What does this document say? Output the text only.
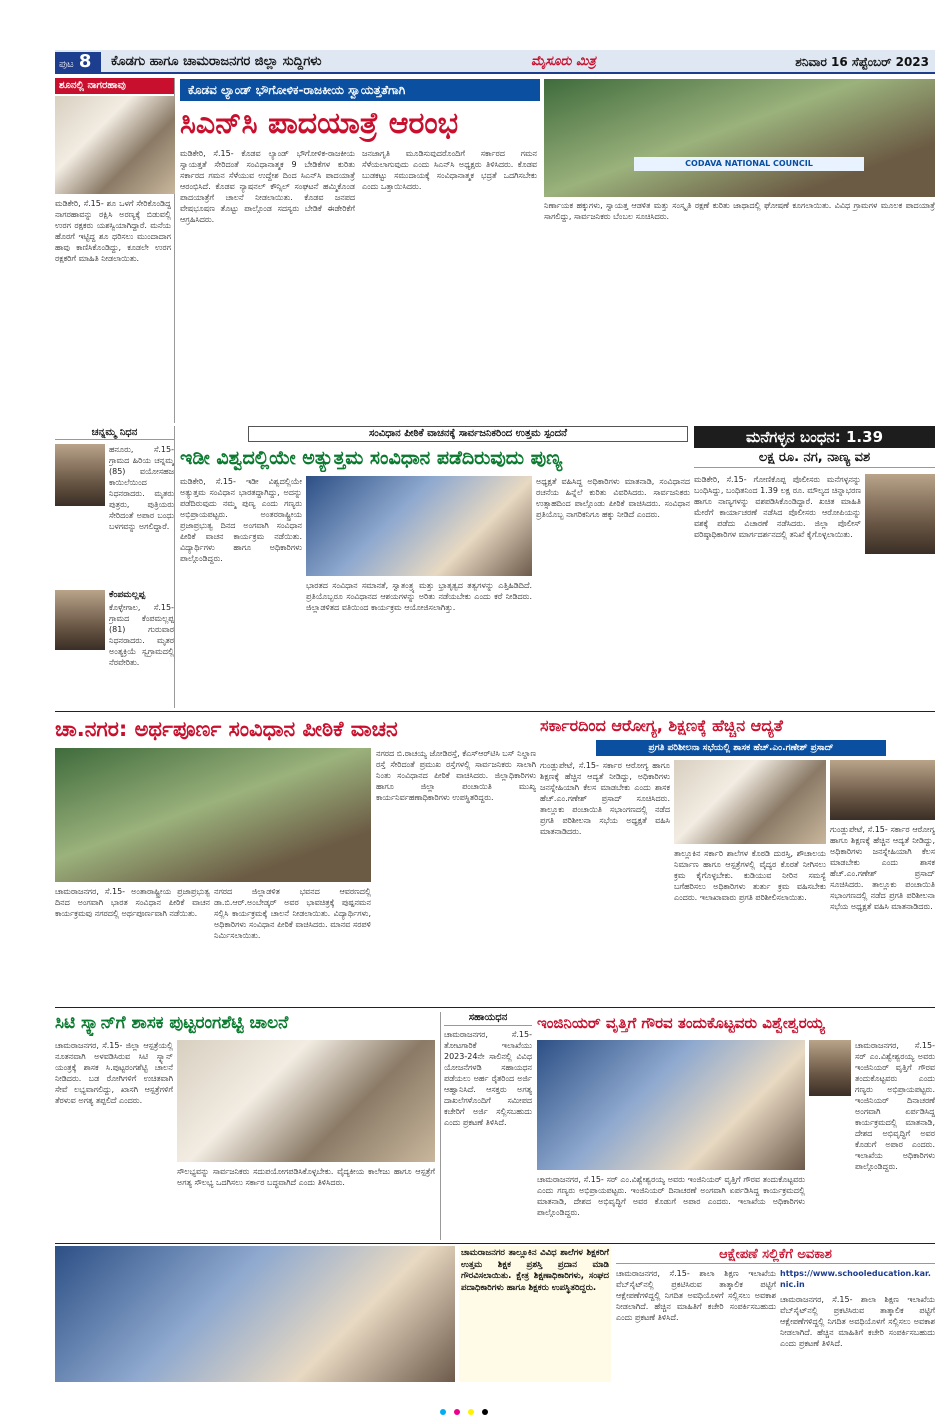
ಪುಟ 8	ಕೊಡಗು ಹಾಗೂ ಚಾಮರಾಜನಗರ ಜಿಲ್ಲಾ ಸುದ್ದಿಗಳು	ಮೈಸೂರು ಮಿತ್ರ	ಶನಿವಾರ 16 ಸೆಪ್ಟೆಂಬರ್ 2023
ಶೂನಲ್ಲಿ ನಾಗರಹಾವು
ಮಡಿಕೇರಿ, ಸೆ.15- ಶೂ ಒಳಗೆ ಸೇರಿಕೊಂಡಿದ್ದ ನಾಗರಹಾವನ್ನು ರಕ್ಷಿಸಿ ಅರಣ್ಯಕ್ಕೆ ಬಿಡುವಲ್ಲಿ ಉರಗ ರಕ್ಷಕರು ಯಶಸ್ವಿಯಾಗಿದ್ದಾರೆ. ಮನೆಯ ಹೊರಗೆ ಇಟ್ಟಿದ್ದ ಶೂ ಧರಿಸಲು ಮುಂದಾದಾಗ ಹಾವು ಕಾಣಿಸಿಕೊಂಡಿದ್ದು, ಕೂಡಲೇ ಉರಗ ರಕ್ಷಕರಿಗೆ ಮಾಹಿತಿ ನೀಡಲಾಯಿತು.
ಕೊಡವ ಲ್ಯಾಂಡ್ ಭೌಗೋಳಿಕ-ರಾಜಕೀಯ ಸ್ವಾಯತ್ತತೆಗಾಗಿ
ಸಿಎನ್‌ಸಿ ಪಾದಯಾತ್ರೆ ಆರಂಭ
ಮಡಿಕೇರಿ, ಸೆ.15- ಕೊಡವ ಲ್ಯಾಂಡ್ ಭೌಗೋಳಿಕ-ರಾಜಕೀಯ ಸ್ವಾಯತ್ತತೆ ಸೇರಿದಂತೆ ಸಂವಿಧಾನಾತ್ಮಕ 9 ಬೇಡಿಕೆಗಳ ಕುರಿತು ಸರ್ಕಾರದ ಗಮನ ಸೆಳೆಯುವ ಉದ್ದೇಶ ದಿಂದ ಸಿಎನ್‌ಸಿ ಪಾದಯಾತ್ರೆ ಆರಂಭಿಸಿದೆ. ಕೊಡವ ನ್ಯಾಷನಲ್ ಕೌನ್ಸಿಲ್ ಸಂಘಟನೆ ಹಮ್ಮಿಕೊಂಡ ಪಾದಯಾತ್ರೆಗೆ ಚಾಲನೆ ನೀಡಲಾಯಿತು. ಕೊಡವ ಜನಪದ ವೇಷಭೂಷಣ ತೊಟ್ಟು ಪಾಲ್ಗೊಂಡ ಸದಸ್ಯರು ಬೇಡಿಕೆ ಈಡೇರಿಕೆಗೆ ಆಗ್ರಹಿಸಿದರು.
ಜನಜಾಗೃತಿ ಮೂಡಿಸುವುದರೊಂದಿಗೆ ಸರ್ಕಾರದ ಗಮನ ಸೆಳೆಯಲಾಗುವುದು ಎಂದು ಸಿಎನ್‌ಸಿ ಅಧ್ಯಕ್ಷರು ತಿಳಿಸಿದರು. ಕೊಡವ ಬುಡಕಟ್ಟು ಸಮುದಾಯಕ್ಕೆ ಸಂವಿಧಾನಾತ್ಮಕ ಭದ್ರತೆ ಒದಗಿಸಬೇಕು ಎಂದು ಒತ್ತಾಯಿಸಿದರು.
CODAVA NATIONAL COUNCIL
ನಿರ್ಣಾಯಕ ಹಕ್ಕುಗಳು, ಸ್ವಾಯತ್ತ ಆಡಳಿತ ಮತ್ತು ಸಂಸ್ಕೃತಿ ರಕ್ಷಣೆ ಕುರಿತು ಜಾಥಾದಲ್ಲಿ ಘೋಷಣೆ ಕೂಗಲಾಯಿತು. ವಿವಿಧ ಗ್ರಾಮಗಳ ಮೂಲಕ ಪಾದಯಾತ್ರೆ ಸಾಗಲಿದ್ದು, ಸಾರ್ವಜನಿಕರು ಬೆಂಬಲ ಸೂಚಿಸಿದರು.
ಚನ್ನಮ್ಮ ನಿಧನ
ಹನೂರು, ಸೆ.15- ಗ್ರಾಮದ ಹಿರಿಯ ಚನ್ನಮ್ಮ (85) ವಯೋಸಹಜ ಕಾಯಿಲೆಯಿಂದ ನಿಧನರಾದರು. ಮೃತರು ಪುತ್ರರು, ಪುತ್ರಿಯರು ಸೇರಿದಂತೆ ಅಪಾರ ಬಂಧು ಬಳಗವನ್ನು ಅಗಲಿದ್ದಾರೆ.
ಕೆಂಪಮಲ್ಲಪ್ಪ
ಕೊಳ್ಳೇಗಾಲ, ಸೆ.15- ಗ್ರಾಮದ ಕೆಂಪಮಲ್ಲಪ್ಪ (81) ಗುರುವಾರ ನಿಧನರಾದರು. ಮೃತರ ಅಂತ್ಯಕ್ರಿಯೆ ಸ್ವಗ್ರಾಮದಲ್ಲಿ ನೆರವೇರಿತು.
ಸಂವಿಧಾನ ಪೀಠಿಕೆ ವಾಚನಕ್ಕೆ ಸಾರ್ವಜನಿಕರಿಂದ ಉತ್ತಮ ಸ್ಪಂದನೆ
ಇಡೀ ವಿಶ್ವದಲ್ಲಿಯೇ ಅತ್ಯುತ್ತಮ ಸಂವಿಧಾನ ಪಡೆದಿರುವುದು ಪುಣ್ಯ
ಮಡಿಕೇರಿ, ಸೆ.15- ಇಡೀ ವಿಶ್ವದಲ್ಲಿಯೇ ಅತ್ಯುತ್ತಮ ಸಂವಿಧಾನ ಭಾರತದ್ದಾಗಿದ್ದು, ಅದನ್ನು ಪಡೆದಿರುವುದು ನಮ್ಮ ಪುಣ್ಯ ಎಂದು ಗಣ್ಯರು ಅಭಿಪ್ರಾಯಪಟ್ಟರು. ಅಂತರರಾಷ್ಟ್ರೀಯ ಪ್ರಜಾಪ್ರಭುತ್ವ ದಿನದ ಅಂಗವಾಗಿ ಸಂವಿಧಾನ ಪೀಠಿಕೆ ವಾಚನ ಕಾರ್ಯಕ್ರಮ ನಡೆಯಿತು. ವಿದ್ಯಾರ್ಥಿಗಳು ಹಾಗೂ ಅಧಿಕಾರಿಗಳು ಪಾಲ್ಗೊಂಡಿದ್ದರು.
ಭಾರತದ ಸಂವಿಧಾನ ಸಮಾನತೆ, ಸ್ವಾತಂತ್ರ್ಯ ಮತ್ತು ಭ್ರಾತೃತ್ವದ ತತ್ವಗಳನ್ನು ಎತ್ತಿಹಿಡಿದಿದೆ. ಪ್ರತಿಯೊಬ್ಬರೂ ಸಂವಿಧಾನದ ಆಶಯಗಳನ್ನು ಅರಿತು ನಡೆಯಬೇಕು ಎಂದು ಕರೆ ನೀಡಿದರು. ಜಿಲ್ಲಾಡಳಿತದ ವತಿಯಿಂದ ಕಾರ್ಯಕ್ರಮ ಆಯೋಜಿಸಲಾಗಿತ್ತು.
ಅಧ್ಯಕ್ಷತೆ ವಹಿಸಿದ್ದ ಅಧಿಕಾರಿಗಳು ಮಾತನಾಡಿ, ಸಂವಿಧಾನದ ರಚನೆಯ ಹಿನ್ನೆಲೆ ಕುರಿತು ವಿವರಿಸಿದರು. ಸಾರ್ವಜನಿಕರು ಉತ್ಸಾಹದಿಂದ ಪಾಲ್ಗೊಂಡು ಪೀಠಿಕೆ ವಾಚಿಸಿದರು. ಸಂವಿಧಾನ ಪ್ರತಿಯೊಬ್ಬ ನಾಗರಿಕನಿಗೂ ಹಕ್ಕು ನೀಡಿದೆ ಎಂದರು.
ಮನೆಗಳ್ಳನ ಬಂಧನ: 1.39
ಲಕ್ಷ ರೂ. ನಗ, ನಾಣ್ಯ ವಶ
ಮಡಿಕೇರಿ, ಸೆ.15- ಗೋಣಿಕೊಪ್ಪ ಪೊಲೀಸರು ಮನೆಗಳ್ಳನನ್ನು ಬಂಧಿಸಿದ್ದು, ಬಂಧಿತನಿಂದ 1.39 ಲಕ್ಷ ರೂ. ಮೌಲ್ಯದ ಚಿನ್ನಾಭರಣ ಹಾಗೂ ನಾಣ್ಯಗಳನ್ನು ವಶಪಡಿಸಿಕೊಂಡಿದ್ದಾರೆ. ಖಚಿತ ಮಾಹಿತಿ ಮೇರೆಗೆ ಕಾರ್ಯಾಚರಣೆ ನಡೆಸಿದ ಪೊಲೀಸರು ಆರೋಪಿಯನ್ನು ವಶಕ್ಕೆ ಪಡೆದು ವಿಚಾರಣೆ ನಡೆಸಿದರು. ಜಿಲ್ಲಾ ಪೊಲೀಸ್ ವರಿಷ್ಠಾಧಿಕಾರಿಗಳ ಮಾರ್ಗದರ್ಶನದಲ್ಲಿ ತನಿಖೆ ಕೈಗೊಳ್ಳಲಾಯಿತು.
ಚಾ.ನಗರ: ಅರ್ಥಪೂರ್ಣ ಸಂವಿಧಾನ ಪೀಠಿಕೆ ವಾಚನ
ಚಾಮರಾಜನಗರ, ಸೆ.15- ಅಂತಾರಾಷ್ಟ್ರೀಯ ಪ್ರಜಾಪ್ರಭುತ್ವ ದಿನದ ಅಂಗವಾಗಿ ಭಾರತ ಸಂವಿಧಾನ ಪೀಠಿಕೆ ವಾಚನ ಕಾರ್ಯಕ್ರಮವು ನಗರದಲ್ಲಿ ಅರ್ಥಪೂರ್ಣವಾಗಿ ನಡೆಯಿತು.
ನಗರದ ಜಿಲ್ಲಾಡಳಿತ ಭವನದ ಆವರಣದಲ್ಲಿ ಡಾ.ಬಿ.ಆರ್.ಅಂಬೇಡ್ಕರ್ ಅವರ ಭಾವಚಿತ್ರಕ್ಕೆ ಪುಷ್ಪನಮನ ಸಲ್ಲಿಸಿ ಕಾರ್ಯಕ್ರಮಕ್ಕೆ ಚಾಲನೆ ನೀಡಲಾಯಿತು. ವಿದ್ಯಾರ್ಥಿಗಳು, ಅಧಿಕಾರಿಗಳು ಸಂವಿಧಾನ ಪೀಠಿಕೆ ವಾಚಿಸಿದರು. ಮಾನವ ಸರಪಳಿ ನಿರ್ಮಿಸಲಾಯಿತು.
ನಗರದ ಬಿ.ರಾಚಯ್ಯ ಜೋಡಿರಸ್ತೆ, ಕೆಎಸ್‌ಆರ್‌ಟಿಸಿ ಬಸ್ ನಿಲ್ದಾಣ ರಸ್ತೆ ಸೇರಿದಂತೆ ಪ್ರಮುಖ ರಸ್ತೆಗಳಲ್ಲಿ ಸಾರ್ವಜನಿಕರು ಸಾಲಾಗಿ ನಿಂತು ಸಂವಿಧಾನದ ಪೀಠಿಕೆ ವಾಚಿಸಿದರು. ಜಿಲ್ಲಾಧಿಕಾರಿಗಳು ಹಾಗೂ ಜಿಲ್ಲಾ ಪಂಚಾಯಿತಿ ಮುಖ್ಯ ಕಾರ್ಯನಿರ್ವಹಣಾಧಿಕಾರಿಗಳು ಉಪಸ್ಥಿತರಿದ್ದರು.
ಸರ್ಕಾರದಿಂದ ಆರೋಗ್ಯ, ಶಿಕ್ಷಣಕ್ಕೆ ಹೆಚ್ಚಿನ ಆದ್ಯತೆ
ಪ್ರಗತಿ ಪರಿಶೀಲನಾ ಸಭೆಯಲ್ಲಿ ಶಾಸಕ ಹೆಚ್.ಎಂ.ಗಣೇಶ್ ಪ್ರಸಾದ್
ಗುಂಡ್ಲುಪೇಟೆ, ಸೆ.15- ಸರ್ಕಾರ ಆರೋಗ್ಯ ಹಾಗೂ ಶಿಕ್ಷಣಕ್ಕೆ ಹೆಚ್ಚಿನ ಆದ್ಯತೆ ನೀಡಿದ್ದು, ಅಧಿಕಾರಿಗಳು ಜನಸ್ನೇಹಿಯಾಗಿ ಕೆಲಸ ಮಾಡಬೇಕು ಎಂದು ಶಾಸಕ ಹೆಚ್.ಎಂ.ಗಣೇಶ್ ಪ್ರಸಾದ್ ಸೂಚಿಸಿದರು. ತಾಲ್ಲೂಕು ಪಂಚಾಯಿತಿ ಸಭಾಂಗಣದಲ್ಲಿ ನಡೆದ ಪ್ರಗತಿ ಪರಿಶೀಲನಾ ಸಭೆಯ ಅಧ್ಯಕ್ಷತೆ ವಹಿಸಿ ಮಾತನಾಡಿದರು.
ತಾಲ್ಲೂಕಿನ ಸರ್ಕಾರಿ ಶಾಲೆಗಳ ಕೊಠಡಿ ದುರಸ್ತಿ, ಶೌಚಾಲಯ ನಿರ್ಮಾಣ ಹಾಗೂ ಆಸ್ಪತ್ರೆಗಳಲ್ಲಿ ವೈದ್ಯರ ಕೊರತೆ ನೀಗಿಸಲು ಕ್ರಮ ಕೈಗೊಳ್ಳಬೇಕು. ಕುಡಿಯುವ ನೀರಿನ ಸಮಸ್ಯೆ ಬಗೆಹರಿಸಲು ಅಧಿಕಾರಿಗಳು ತುರ್ತು ಕ್ರಮ ವಹಿಸಬೇಕು ಎಂದರು. ಇಲಾಖಾವಾರು ಪ್ರಗತಿ ಪರಿಶೀಲಿಸಲಾಯಿತು.
ಗುಂಡ್ಲುಪೇಟೆ, ಸೆ.15- ಸರ್ಕಾರ ಆರೋಗ್ಯ ಹಾಗೂ ಶಿಕ್ಷಣಕ್ಕೆ ಹೆಚ್ಚಿನ ಆದ್ಯತೆ ನೀಡಿದ್ದು, ಅಧಿಕಾರಿಗಳು ಜನಸ್ನೇಹಿಯಾಗಿ ಕೆಲಸ ಮಾಡಬೇಕು ಎಂದು ಶಾಸಕ ಹೆಚ್.ಎಂ.ಗಣೇಶ್ ಪ್ರಸಾದ್ ಸೂಚಿಸಿದರು. ತಾಲ್ಲೂಕು ಪಂಚಾಯಿತಿ ಸಭಾಂಗಣದಲ್ಲಿ ನಡೆದ ಪ್ರಗತಿ ಪರಿಶೀಲನಾ ಸಭೆಯ ಅಧ್ಯಕ್ಷತೆ ವಹಿಸಿ ಮಾತನಾಡಿದರು.
ಸಿಟಿ ಸ್ಕ್ಯಾನ್‌ಗೆ ಶಾಸಕ ಪುಟ್ಟರಂಗಶೆಟ್ಟಿ ಚಾಲನೆ
ಚಾಮರಾಜನಗರ, ಸೆ.15- ಜಿಲ್ಲಾ ಆಸ್ಪತ್ರೆಯಲ್ಲಿ ನೂತನವಾಗಿ ಅಳವಡಿಸಿರುವ ಸಿಟಿ ಸ್ಕ್ಯಾನ್ ಯಂತ್ರಕ್ಕೆ ಶಾಸಕ ಸಿ.ಪುಟ್ಟರಂಗಶೆಟ್ಟಿ ಚಾಲನೆ ನೀಡಿದರು. ಬಡ ರೋಗಿಗಳಿಗೆ ಉಚಿತವಾಗಿ ಸೇವೆ ಲಭ್ಯವಾಗಲಿದ್ದು, ಖಾಸಗಿ ಆಸ್ಪತ್ರೆಗಳಿಗೆ ತೆರಳುವ ಅಗತ್ಯ ತಪ್ಪಲಿದೆ ಎಂದರು.
ಸೌಲಭ್ಯವನ್ನು ಸಾರ್ವಜನಿಕರು ಸದುಪಯೋಗಪಡಿಸಿಕೊಳ್ಳಬೇಕು. ವೈದ್ಯಕೀಯ ಕಾಲೇಜು ಹಾಗೂ ಆಸ್ಪತ್ರೆಗೆ ಅಗತ್ಯ ಸೌಲಭ್ಯ ಒದಗಿಸಲು ಸರ್ಕಾರ ಬದ್ಧವಾಗಿದೆ ಎಂದು ತಿಳಿಸಿದರು.
ಸಹಾಯಧನ
ಚಾಮರಾಜನಗರ, ಸೆ.15- ತೋಟಗಾರಿಕೆ ಇಲಾಖೆಯು 2023-24ನೇ ಸಾಲಿನಲ್ಲಿ ವಿವಿಧ ಯೋಜನೆಗಳಡಿ ಸಹಾಯಧನ ಪಡೆಯಲು ಅರ್ಹ ರೈತರಿಂದ ಅರ್ಜಿ ಆಹ್ವಾನಿಸಿದೆ. ಆಸಕ್ತರು ಅಗತ್ಯ ದಾಖಲೆಗಳೊಂದಿಗೆ ಸಮೀಪದ ಕಚೇರಿಗೆ ಅರ್ಜಿ ಸಲ್ಲಿಸಬಹುದು ಎಂದು ಪ್ರಕಟಣೆ ತಿಳಿಸಿದೆ.
ಇಂಜಿನಿಯರ್ ವೃತ್ತಿಗೆ ಗೌರವ ತಂದುಕೊಟ್ಟವರು ವಿಶ್ವೇಶ್ವರಯ್ಯ
ಚಾಮರಾಜನಗರ, ಸೆ.15- ಸರ್ ಎಂ.ವಿಶ್ವೇಶ್ವರಯ್ಯ ಅವರು ಇಂಜಿನಿಯರ್ ವೃತ್ತಿಗೆ ಗೌರವ ತಂದುಕೊಟ್ಟವರು ಎಂದು ಗಣ್ಯರು ಅಭಿಪ್ರಾಯಪಟ್ಟರು. ಇಂಜಿನಿಯರ್ ದಿನಾಚರಣೆ ಅಂಗವಾಗಿ ಏರ್ಪಡಿಸಿದ್ದ ಕಾರ್ಯಕ್ರಮದಲ್ಲಿ ಮಾತನಾಡಿ, ದೇಶದ ಅಭಿವೃದ್ಧಿಗೆ ಅವರ ಕೊಡುಗೆ ಅಪಾರ ಎಂದರು. ಇಲಾಖೆಯ ಅಧಿಕಾರಿಗಳು ಪಾಲ್ಗೊಂಡಿದ್ದರು.
ಚಾಮರಾಜನಗರ, ಸೆ.15- ಸರ್ ಎಂ.ವಿಶ್ವೇಶ್ವರಯ್ಯ ಅವರು ಇಂಜಿನಿಯರ್ ವೃತ್ತಿಗೆ ಗೌರವ ತಂದುಕೊಟ್ಟವರು ಎಂದು ಗಣ್ಯರು ಅಭಿಪ್ರಾಯಪಟ್ಟರು. ಇಂಜಿನಿಯರ್ ದಿನಾಚರಣೆ ಅಂಗವಾಗಿ ಏರ್ಪಡಿಸಿದ್ದ ಕಾರ್ಯಕ್ರಮದಲ್ಲಿ ಮಾತನಾಡಿ, ದೇಶದ ಅಭಿವೃದ್ಧಿಗೆ ಅವರ ಕೊಡುಗೆ ಅಪಾರ ಎಂದರು. ಇಲಾಖೆಯ ಅಧಿಕಾರಿಗಳು ಪಾಲ್ಗೊಂಡಿದ್ದರು.
ಚಾಮರಾಜನಗರ ತಾಲ್ಲೂಕಿನ ವಿವಿಧ ಶಾಲೆಗಳ ಶಿಕ್ಷಕರಿಗೆ ಉತ್ತಮ ಶಿಕ್ಷಕ ಪ್ರಶಸ್ತಿ ಪ್ರದಾನ ಮಾಡಿ ಗೌರವಿಸಲಾಯಿತು. ಕ್ಷೇತ್ರ ಶಿಕ್ಷಣಾಧಿಕಾರಿಗಳು, ಸಂಘದ ಪದಾಧಿಕಾರಿಗಳು ಹಾಗೂ ಶಿಕ್ಷಕರು ಉಪಸ್ಥಿತರಿದ್ದರು.
ಆಕ್ಷೇಪಣೆ ಸಲ್ಲಿಕೆಗೆ ಅವಕಾಶ
ಚಾಮರಾಜನಗರ, ಸೆ.15- ಶಾಲಾ ಶಿಕ್ಷಣ ಇಲಾಖೆಯ ವೆಬ್‌ಸೈಟ್‌ನಲ್ಲಿ ಪ್ರಕಟಿಸಿರುವ ತಾತ್ಕಾಲಿಕ ಪಟ್ಟಿಗೆ ಆಕ್ಷೇಪಣೆಗಳಿದ್ದಲ್ಲಿ ನಿಗದಿತ ಅವಧಿಯೊಳಗೆ ಸಲ್ಲಿಸಲು ಅವಕಾಶ ನೀಡಲಾಗಿದೆ. ಹೆಚ್ಚಿನ ಮಾಹಿತಿಗೆ ಕಚೇರಿ ಸಂಪರ್ಕಿಸಬಹುದು ಎಂದು ಪ್ರಕಟಣೆ ತಿಳಿಸಿದೆ.
https://www.schooleducation.kar.nic.in
ಚಾಮರಾಜನಗರ, ಸೆ.15- ಶಾಲಾ ಶಿಕ್ಷಣ ಇಲಾಖೆಯ ವೆಬ್‌ಸೈಟ್‌ನಲ್ಲಿ ಪ್ರಕಟಿಸಿರುವ ತಾತ್ಕಾಲಿಕ ಪಟ್ಟಿಗೆ ಆಕ್ಷೇಪಣೆಗಳಿದ್ದಲ್ಲಿ ನಿಗದಿತ ಅವಧಿಯೊಳಗೆ ಸಲ್ಲಿಸಲು ಅವಕಾಶ ನೀಡಲಾಗಿದೆ. ಹೆಚ್ಚಿನ ಮಾಹಿತಿಗೆ ಕಚೇರಿ ಸಂಪರ್ಕಿಸಬಹುದು ಎಂದು ಪ್ರಕಟಣೆ ತಿಳಿಸಿದೆ.
